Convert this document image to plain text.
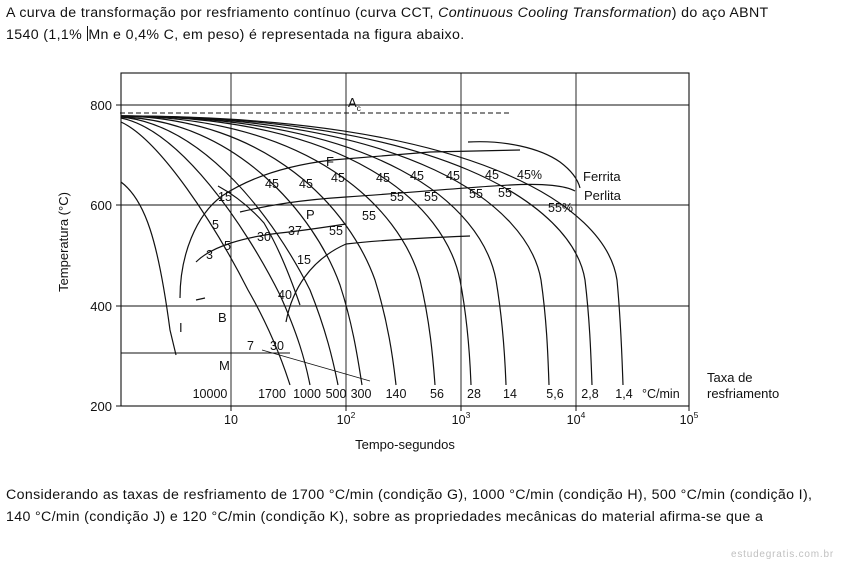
A curva de transformação por resfriamento contínuo (curva CCT, Continuous Cooling Transformation) do aço ABNT

1540 (1,1% Mn e 0,4% C, em peso) é representada na figura abaixo.

800
600
400
200
10	$10^2$	$10^3$	$10^4$	$10^5$
Temperatura (°C)
Tempo-segundos
$A_c$
F
P
B
I
M
Ferrita
Perlita
15
45 45 45 45 45 45 45 45%
30 37 55
55
55 55 55 55
55%
5
5
3	15
40
7 30
10000 1700 1000 500 300 140 56 28 14 5,6 2,8 1,4 °C/min
Taxa de
resfriamento

Considerando as taxas de resfriamento de 1700 °C/min (condição G), 1000 °C/min (condição H), 500 °C/min (condição I),

140 °C/min (condição J) e 120 °C/min (condição K), sobre as propriedades mecânicas do material afirma-se que a

estudegratis.com.br
